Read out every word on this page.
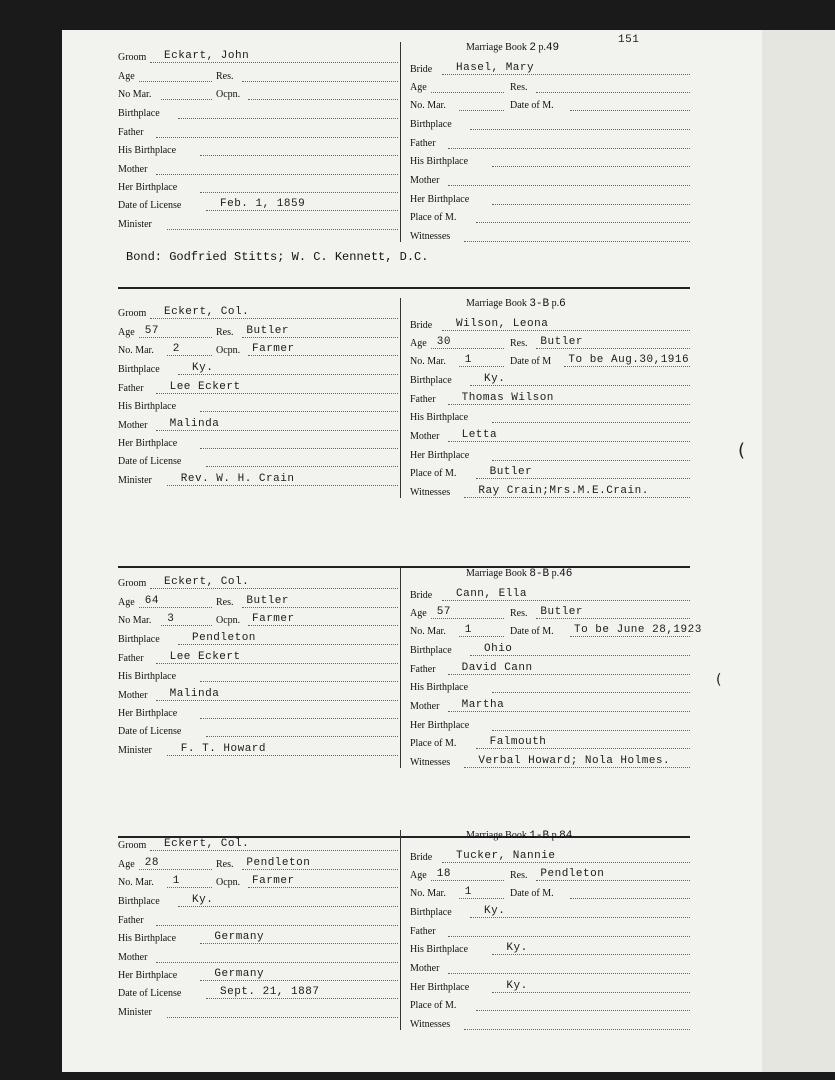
Marriage Book 2 p.49
151
Groom Eckart, John
Age	Res.
No Mar.	Ocpn.
Birthplace
Father
His Birthplace
Mother
Her Birthplace
Date of License	Feb. 1, 1859
Minister
Bride Hasel, Mary
Age	Res.
No. Mar.	Date of M.
Birthplace
Father
His Birthplace
Mother
Her Birthplace
Place of M.
Witnesses
Bond: Godfried Stitts; W. C. Kennett, D.C.
Marriage Book 3-B p.6
Groom Eckert, Col.
Age 57	Res. Butler
No. Mar. 2	Ocpn. Farmer
Birthplace	Ky.
Father Lee Eckert
His Birthplace
Mother Malinda
Her Birthplace
Date of License
Minister	Rev. W. H. Crain
Bride Wilson, Leona
Age 30	Res. Butler
No. Mar. 1	Date of M To be Aug.30,1916
Birthplace	Ky.
Father Thomas Wilson
His Birthplace
Mother Letta
Her Birthplace
Place of M.	Butler
Witnesses	Ray Crain;Mrs.M.E.Crain.
Marriage Book 8-B p.46
Groom Eckert, Col.
Age 64	Res. Butler
No Mar. 3	Ocpn. Farmer
Birthplace	Pendleton
Father Lee Eckert
His Birthplace
Mother Malinda
Her Birthplace
Date of License
Minister	F. T. Howard
Bride Cann, Ella
Age 57	Res. Butler
No. Mar. 1	Date of M. To be June 28,1923
Birthplace	Ohio
Father David Cann
His Birthplace
Mother Martha
Her Birthplace
Place of M.	Falmouth
Witnesses	Verbal Howard; Nola Holmes.
Marriage Book 1-B p.84
Groom Eckert, Col.
Age 28	Res. Pendleton
No. Mar. 1	Ocpn. Farmer
Birthplace	Ky.
Father
His Birthplace	Germany
Mother
Her Birthplace	Germany
Date of License	Sept. 21, 1887
Minister
Bride Tucker, Nannie
Age 18	Res. Pendleton
No. Mar. 1	Date of M.
Birthplace	Ky.
Father
His Birthplace	Ky.
Mother
Her Birthplace	Ky.
Place of M.
Witnesses
(
(
